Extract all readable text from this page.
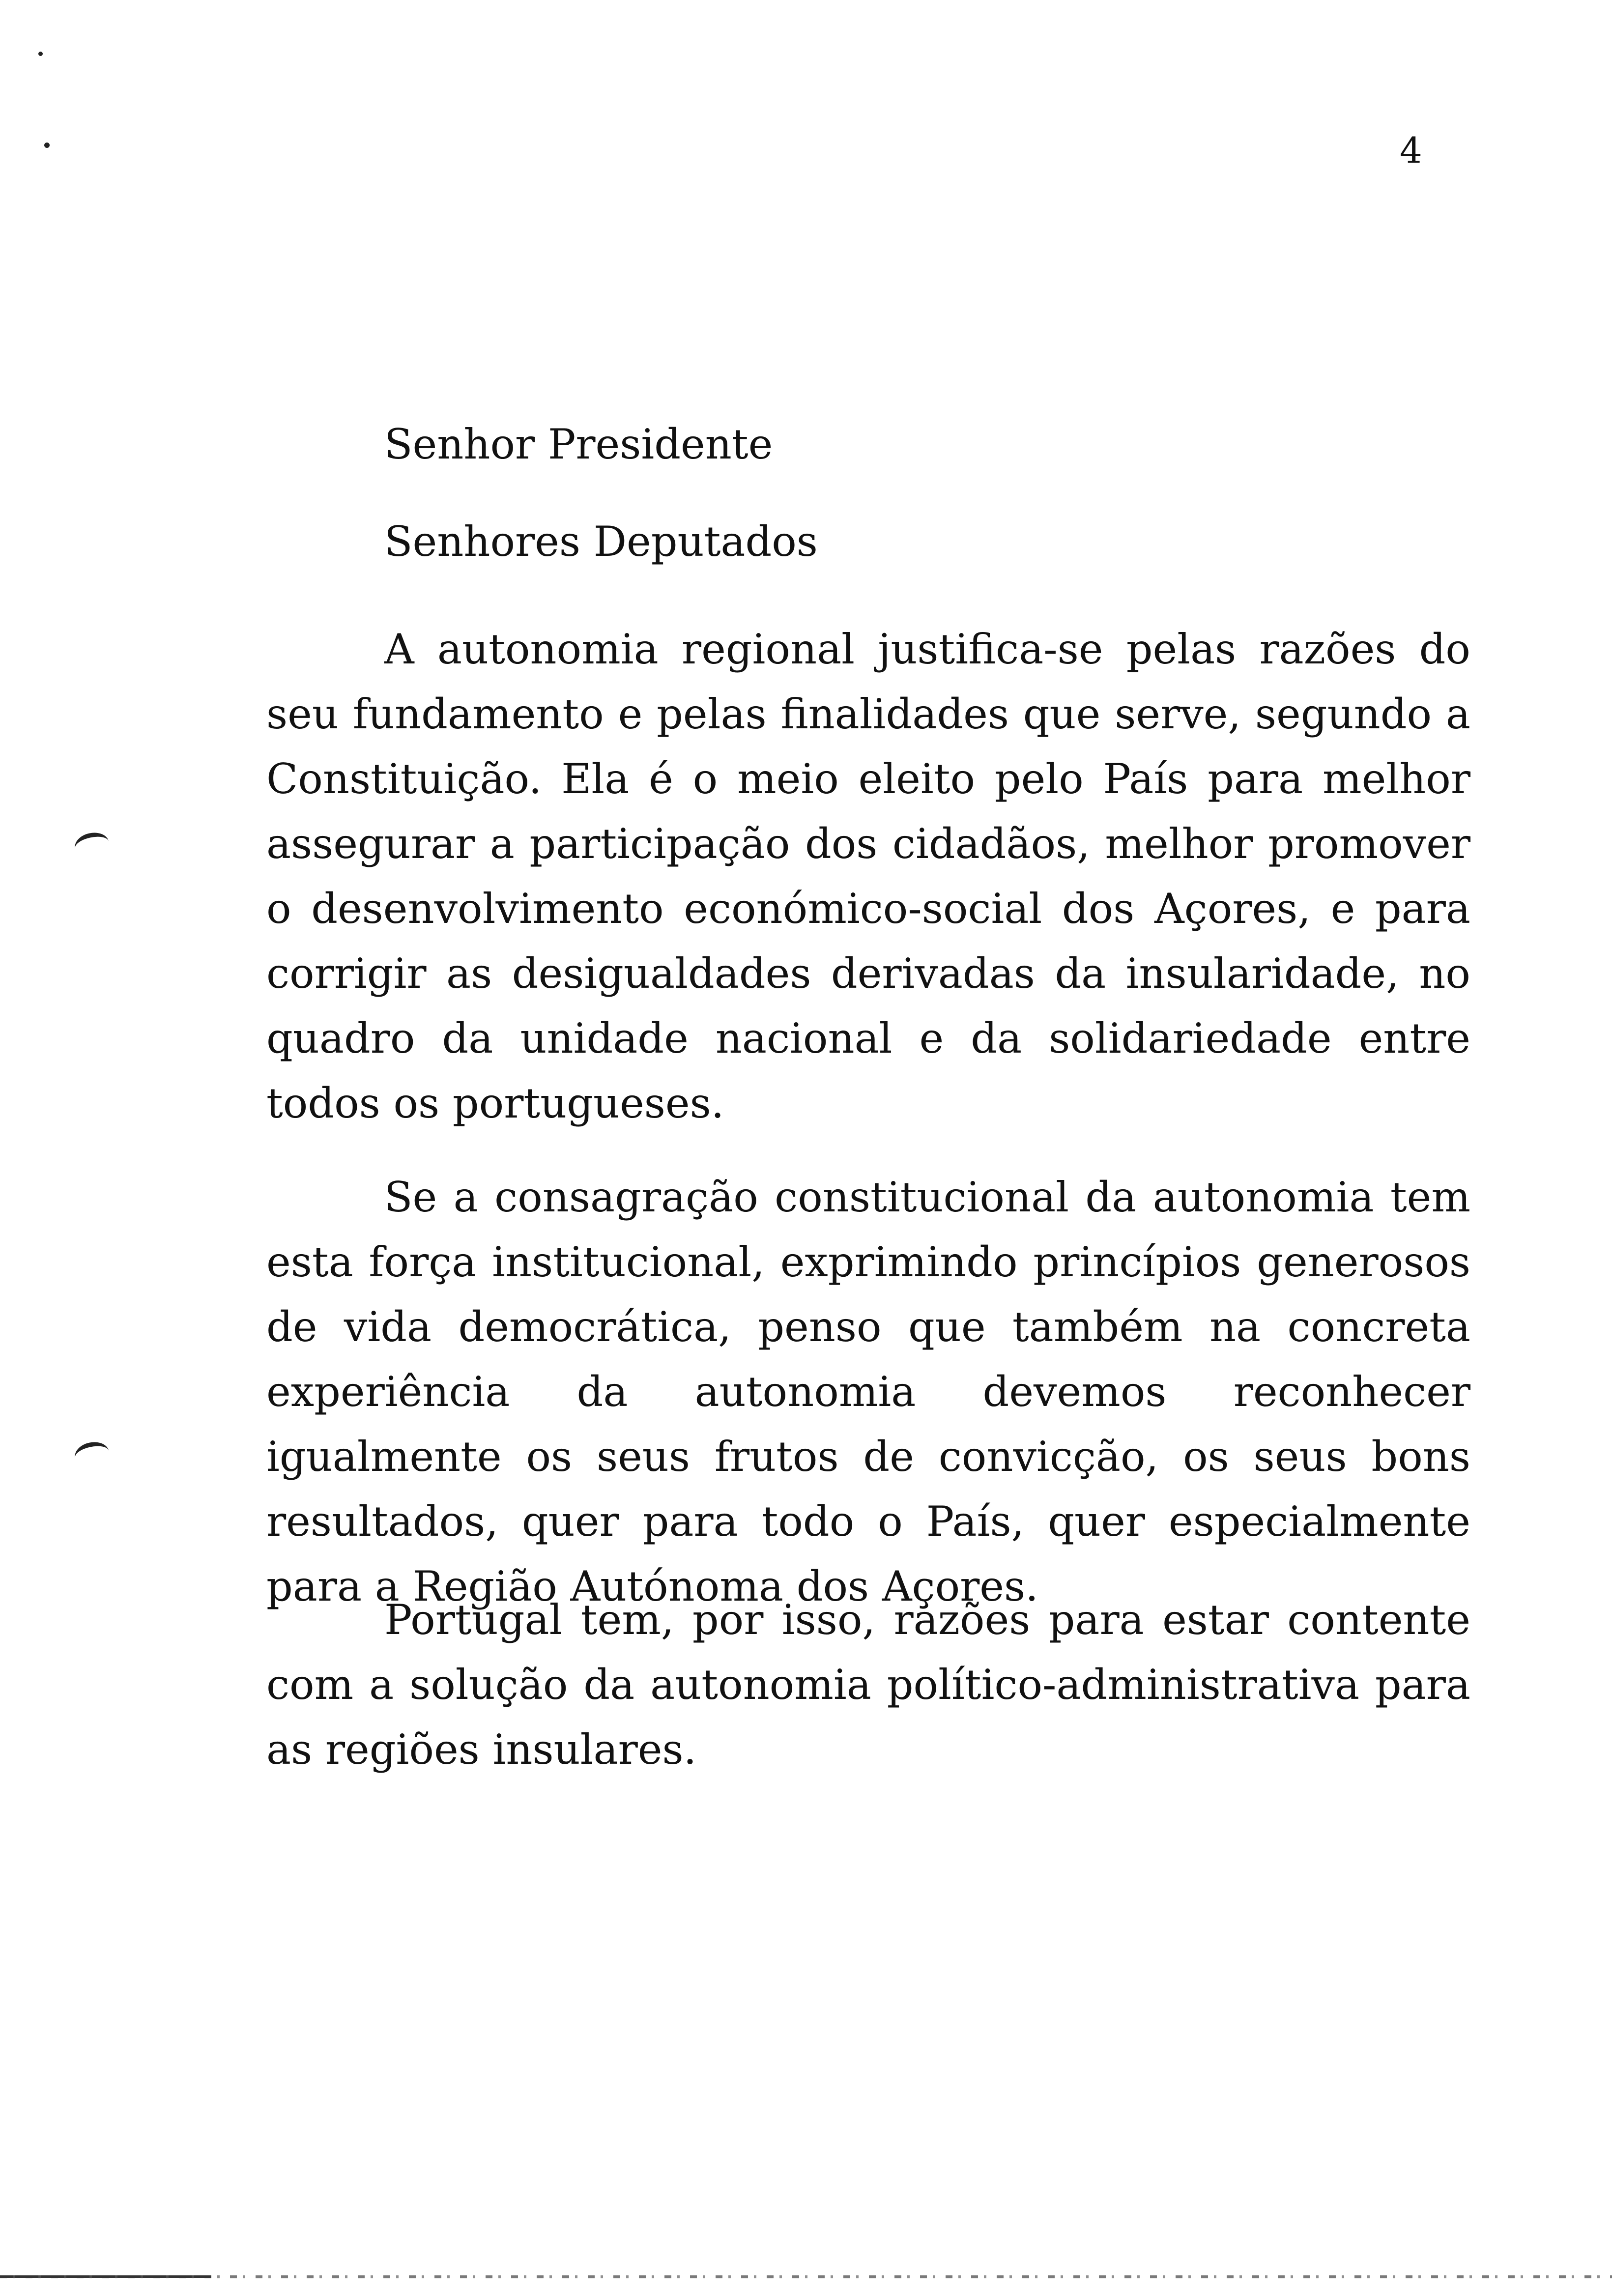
4
Senhor Presidente
Senhores Deputados

A autonomia regional justifica-se pelas razões do seu fundamento e pelas finalidades que serve, segundo a Constituição. Ela é o meio eleito pelo País para melhor assegurar a participação dos cidadãos, melhor promover o desenvolvimento económico-social dos Açores, e para corrigir as desigualdades derivadas da insularidade, no quadro da unidade nacional e da solidariedade entre todos os portugueses.

Se a consagração constitucional da autonomia tem esta força institucional, exprimindo princípios generosos de vida democrática, penso que também na concreta experiência da autonomia devemos reconhecer igualmente os seus frutos de convicção, os seus bons resultados, quer para todo o País, quer especialmente para a Região Autónoma dos Açores.

Portugal tem, por isso, razões para estar contente com a solução da autonomia político-administrativa para as regiões insulares.
